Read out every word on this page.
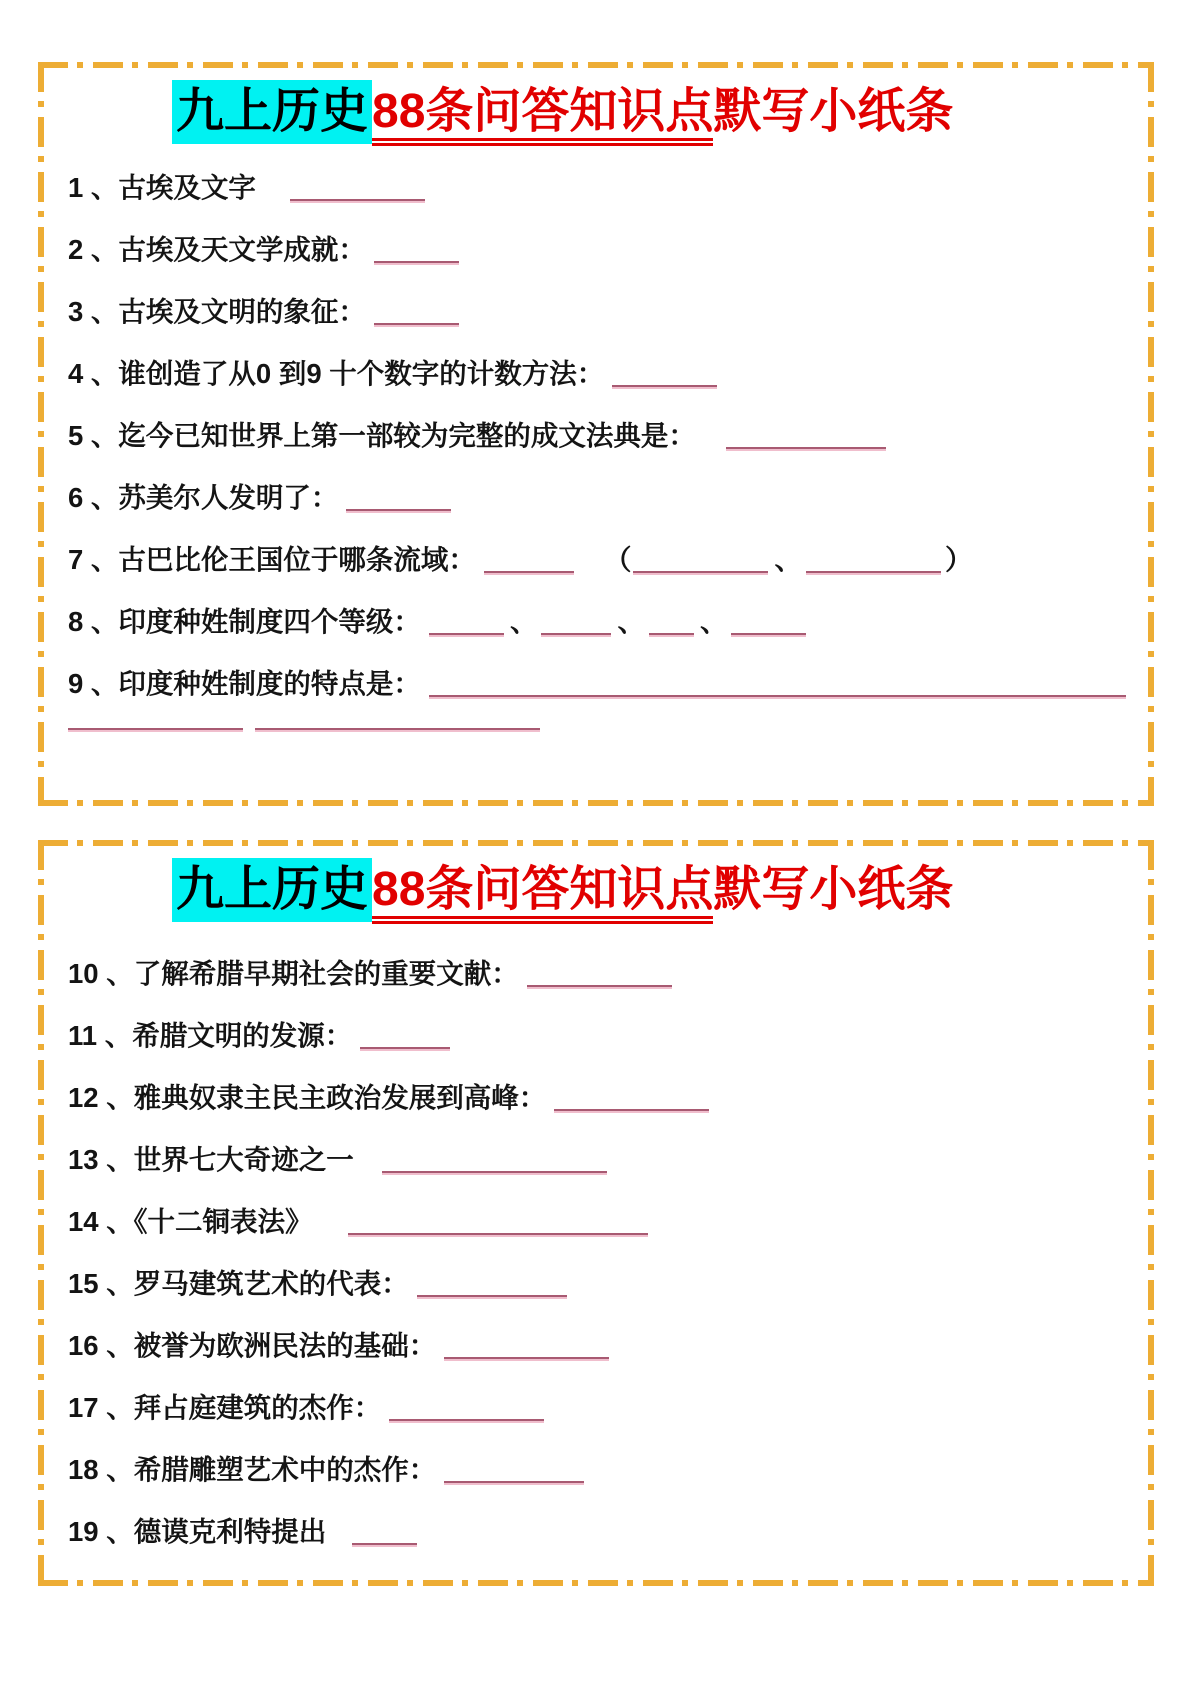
九上历史88条问答知识点默写小纸条
1 、古埃及文字
2 、古埃及天文学成就：
3 、古埃及文明的象征：
4 、谁创造了从0 到9 十个数字的计数方法：
5 、迄今已知世界上第一部较为完整的成文法典是：
6 、苏美尔人发明了：
7 、古巴比伦王国位于哪条流域：	（	、	）
8 、印度种姓制度四个等级：	、	、 、
9 、印度种姓制度的特点是：
九上历史88条问答知识点默写小纸条
10 、了解希腊早期社会的重要文献：
11 、希腊文明的发源：
12 、雅典奴隶主民主政治发展到高峰：
13 、世界七大奇迹之一
14 、《十二铜表法》
15 、罗马建筑艺术的代表：
16 、被誉为欧洲民法的基础：
17 、拜占庭建筑的杰作：
18 、希腊雕塑艺术中的杰作：
19 、德谟克利特提出
